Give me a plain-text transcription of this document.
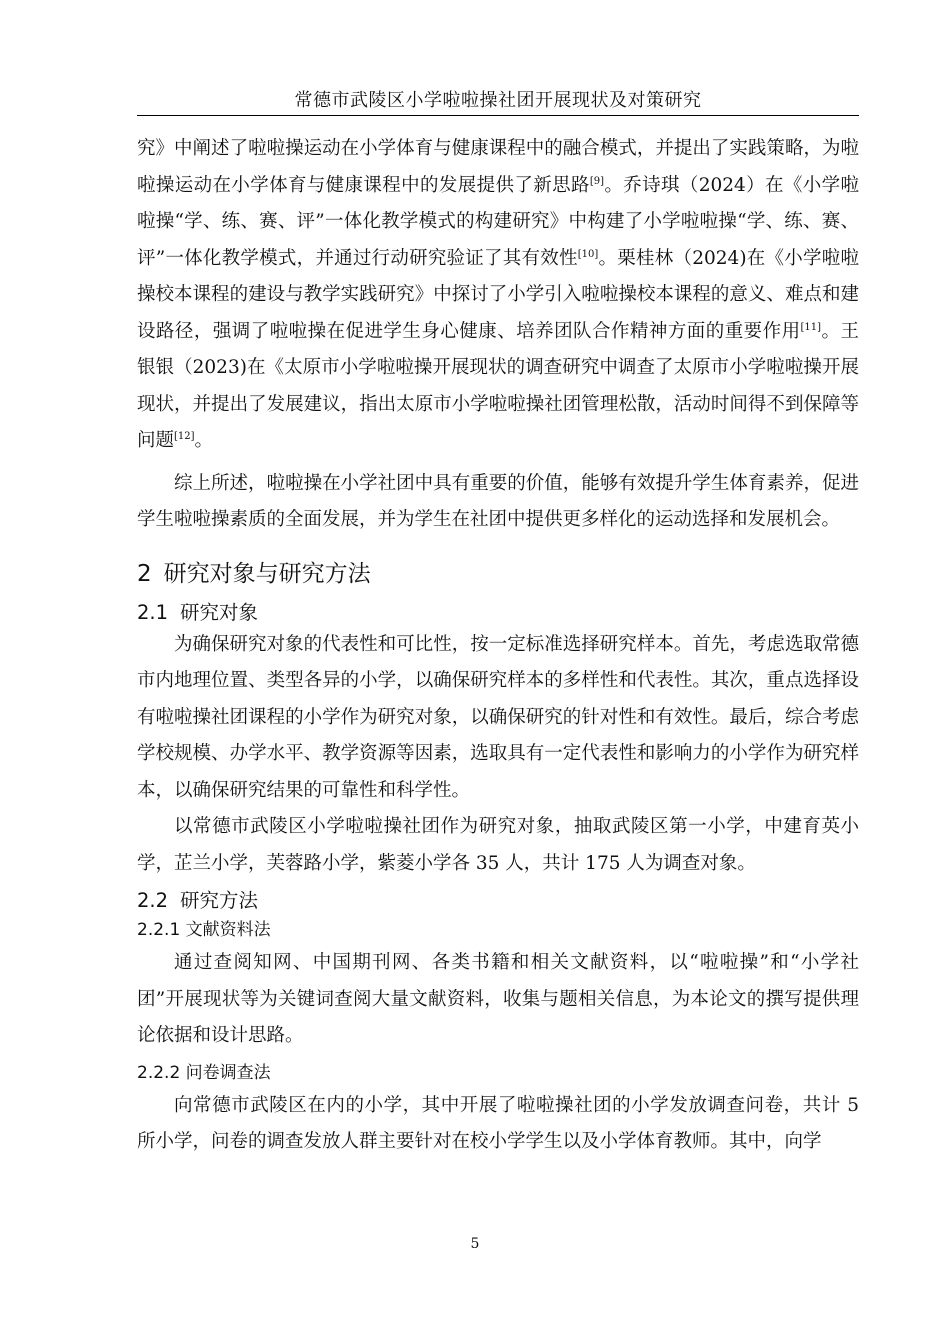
常德市武陵区小学啦啦操社团开展现状及对策研究

究》中阐述了啦啦操运动在小学体育与健康课程中的融合模式，并提出了实践策略，为啦啦操运动在小学体育与健康课程中的发展提供了新思路[9]。乔诗琪（2024）在《小学啦啦操“学、练、赛、评”一体化教学模式的构建研究》中构建了小学啦啦操“学、练、赛、评”一体化教学模式，并通过行动研究验证了其有效性[10]。栗桂林（2024)在《小学啦啦操校本课程的建设与教学实践研究》中探讨了小学引入啦啦操校本课程的意义、难点和建设路径，强调了啦啦操在促进学生身心健康、培养团队合作精神方面的重要作用[11]。王银银（2023)在《太原市小学啦啦操开展现状的调查研究中调查了太原市小学啦啦操开展现状，并提出了发展建议，指出太原市小学啦啦操社团管理松散，活动时间得不到保障等问题[12]。

综上所述，啦啦操在小学社团中具有重要的价值，能够有效提升学生体育素养，促进学生啦啦操素质的全面发展，并为学生在社团中提供更多样化的运动选择和发展机会。

2 研究对象与研究方法
2.1 研究对象

为确保研究对象的代表性和可比性，按一定标准选择研究样本。首先，考虑选取常德市内地理位置、类型各异的小学，以确保研究样本的多样性和代表性。其次，重点选择设有啦啦操社团课程的小学作为研究对象，以确保研究的针对性和有效性。最后，综合考虑学校规模、办学水平、教学资源等因素，选取具有一定代表性和影响力的小学作为研究样本，以确保研究结果的可靠性和科学性。

以常德市武陵区小学啦啦操社团作为研究对象，抽取武陵区第一小学，中建育英小学，芷兰小学，芙蓉路小学，紫菱小学各 35 人，共计 175 人为调查对象。

2.2 研究方法
2.2.1 文献资料法

通过查阅知网、中国期刊网、各类书籍和相关文献资料，以“啦啦操”和“小学社团”开展现状等为关键词查阅大量文献资料，收集与题相关信息，为本论文的撰写提供理论依据和设计思路。

2.2.2 问卷调查法

向常德市武陵区在内的小学，其中开展了啦啦操社团的小学发放调查问卷，共计 5 所小学，问卷的调查发放人群主要针对在校小学学生以及小学体育教师。其中，向学

5
